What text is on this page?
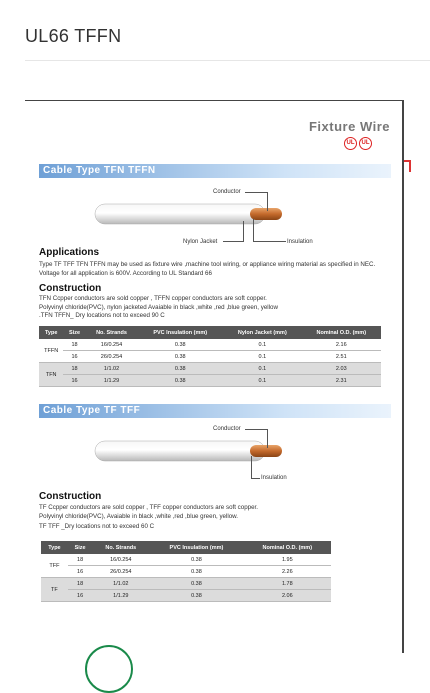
UL66 TFFN
Fixture Wire
UL UL
Cable Type TFN TFFN
Conductor
Nylon Jacket	Insulation
Applications
Type TF TFF TFN TFFN may be used as fixture wire ,machine tool wiring, or appliance wiring material as specified in NEC. Voltage for all application is 600V. According to UL Standard 66
Construction
TFN Ccpper conductors are sold copper , TFFN copper conductors are soft copper.
Polyvinyl chloride(PVC), nylon jacketed Avaiable in black ,white ,red ,blue green, yellow
.TFN TFFN_ Dry locations not to exceed 90 C
Type	Size	No. Strands	PVC Insulation (mm)	Nylon Jacket (mm)	Nominal O.D. (mm)
TFFN	18	16/0.254	0.38	0.1	2.16
	16	26/0.254	0.38	0.1	2.51
TFN	18	1/1.02	0.38	0.1	2.03
	16	1/1.29	0.38	0.1	2.31
Cable Type TF TFF
Conductor
Insulation
Construction
TF Ccpper conductors are sold copper , TFF copper conductors are soft copper.
Polyvinyl chloride(PVC), Avaiable in black ,white ,red ,blue green, yellow.
TF TFF _Dry locations not to exceed 60 C
Type	Size	No. Strands	PVC Insulation (mm)	Nominal O.D. (mm)
TFF	18	16/0.254	0.38	1.95
	16	26/0.254	0.38	2.26
TF	18	1/1.02	0.38	1.78
	16	1/1.29	0.38	2.06
